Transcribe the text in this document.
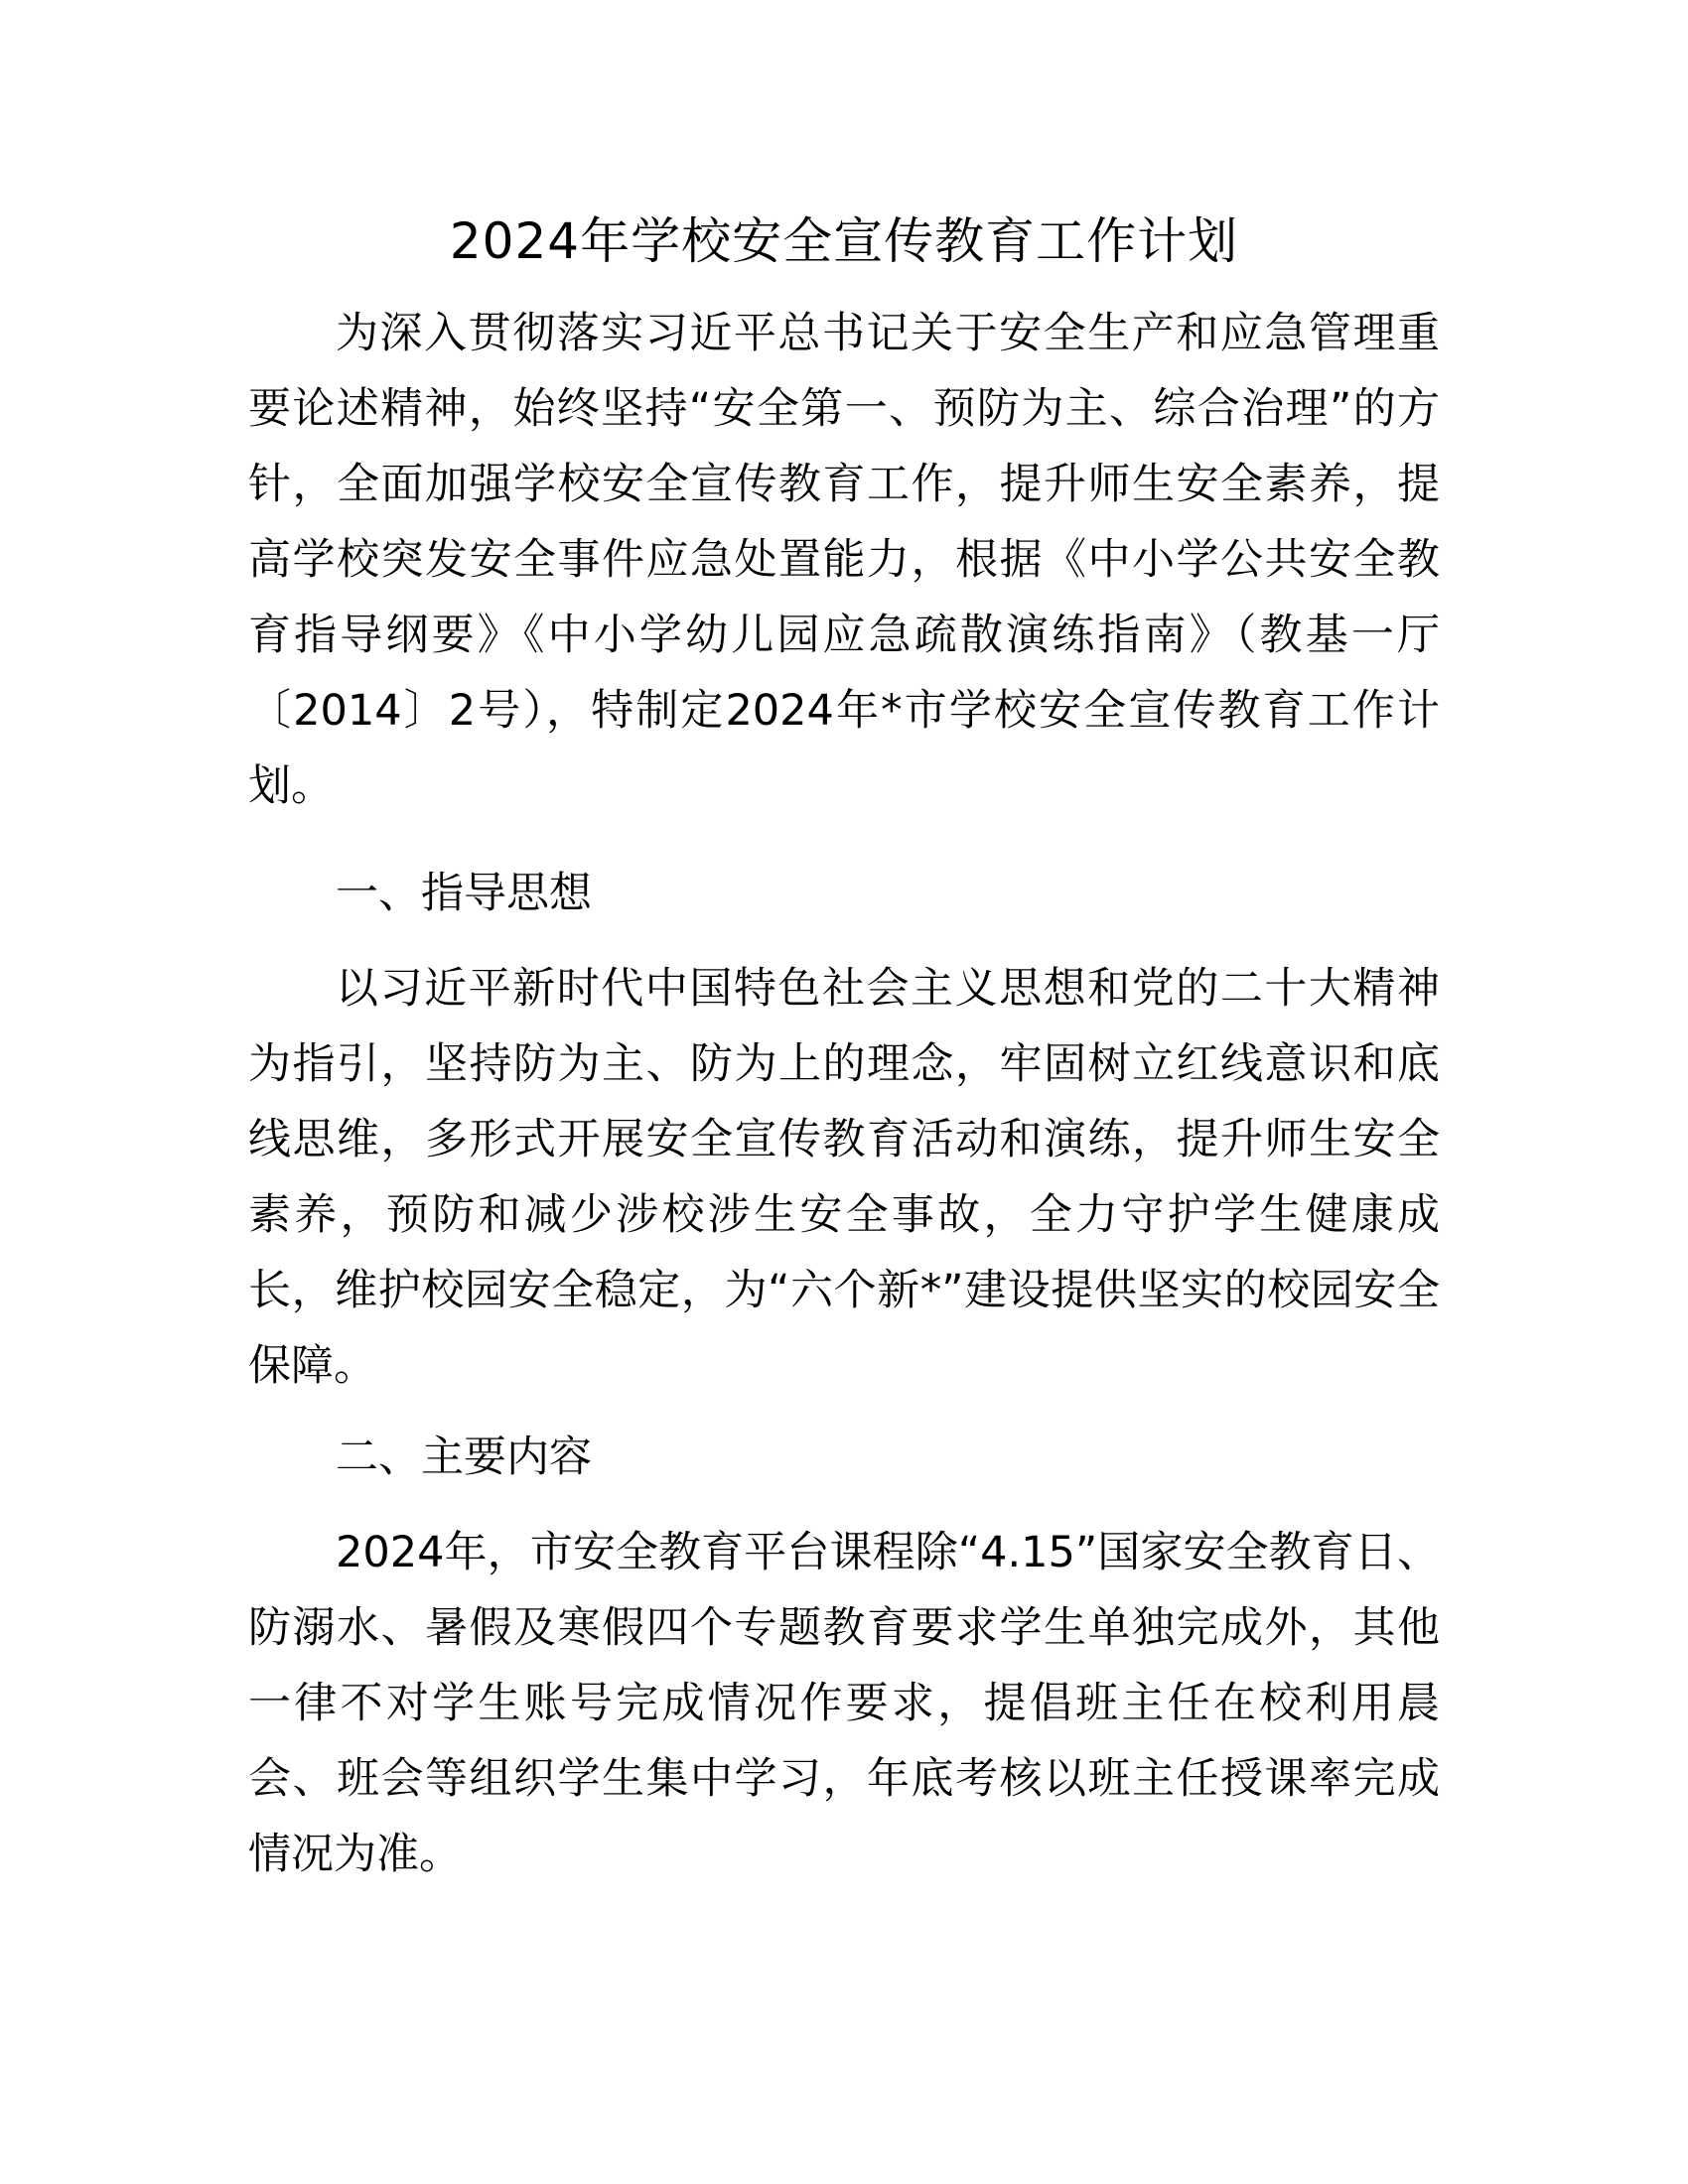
2024年学校安全宣传教育工作计划

为深入贯彻落实习近平总书记关于安全生产和应急管理重要论述精神，始终坚持“安全第一、预防为主、综合治理”的方针，全面加强学校安全宣传教育工作，提升师生安全素养，提高学校突发安全事件应急处置能力，根据《中小学公共安全教育指导纲要》《中小学幼儿园应急疏散演练指南》（教基一厅〔2014〕2号），特制定2024年*市学校安全宣传教育工作计划。

一、指导思想

以习近平新时代中国特色社会主义思想和党的二十大精神为指引，坚持防为主、防为上的理念，牢固树立红线意识和底线思维，多形式开展安全宣传教育活动和演练，提升师生安全素养，预防和减少涉校涉生安全事故，全力守护学生健康成长，维护校园安全稳定，为“六个新*”建设提供坚实的校园安全保障。

二、主要内容

2024年，市安全教育平台课程除“4.15”国家安全教育日、防溺水、暑假及寒假四个专题教育要求学生单独完成外，其他一律不对学生账号完成情况作要求，提倡班主任在校利用晨会、班会等组织学生集中学习，年底考核以班主任授课率完成情况为准。
